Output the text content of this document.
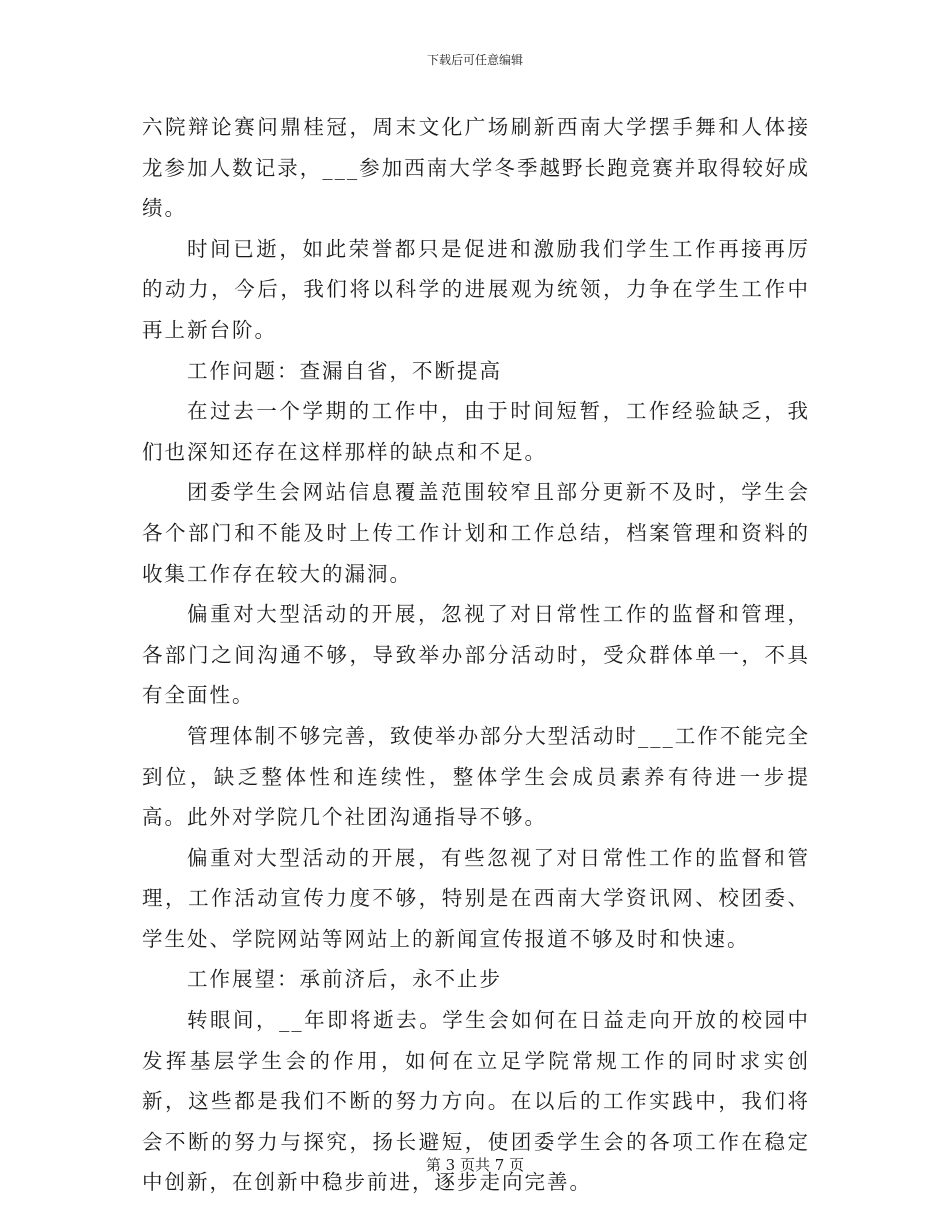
下载后可任意编辑

六院辩论赛问鼎桂冠，周末文化广场刷新西南大学摆手舞和人体接龙参加人数记录，___参加西南大学冬季越野长跑竞赛并取得较好成绩。

时间已逝，如此荣誉都只是促进和激励我们学生工作再接再厉的动力，今后，我们将以科学的进展观为统领，力争在学生工作中再上新台阶。

工作问题：查漏自省，不断提高

在过去一个学期的工作中，由于时间短暂，工作经验缺乏，我们也深知还存在这样那样的缺点和不足。

团委学生会网站信息覆盖范围较窄且部分更新不及时，学生会各个部门和不能及时上传工作计划和工作总结，档案管理和资料的收集工作存在较大的漏洞。

偏重对大型活动的开展，忽视了对日常性工作的监督和管理，各部门之间沟通不够，导致举办部分活动时，受众群体单一，不具有全面性。

管理体制不够完善，致使举办部分大型活动时___工作不能完全到位，缺乏整体性和连续性，整体学生会成员素养有待进一步提高。此外对学院几个社团沟通指导不够。

偏重对大型活动的开展，有些忽视了对日常性工作的监督和管理，工作活动宣传力度不够，特别是在西南大学资讯网、校团委、学生处、学院网站等网站上的新闻宣传报道不够及时和快速。

工作展望：承前济后，永不止步

转眼间，__年即将逝去。学生会如何在日益走向开放的校园中发挥基层学生会的作用，如何在立足学院常规工作的同时求实创新，这些都是我们不断的努力方向。在以后的工作实践中，我们将会不断的努力与探究，扬长避短，使团委学生会的各项工作在稳定中创新，在创新中稳步前进，逐步走向完善。

第 3 页共 7 页
